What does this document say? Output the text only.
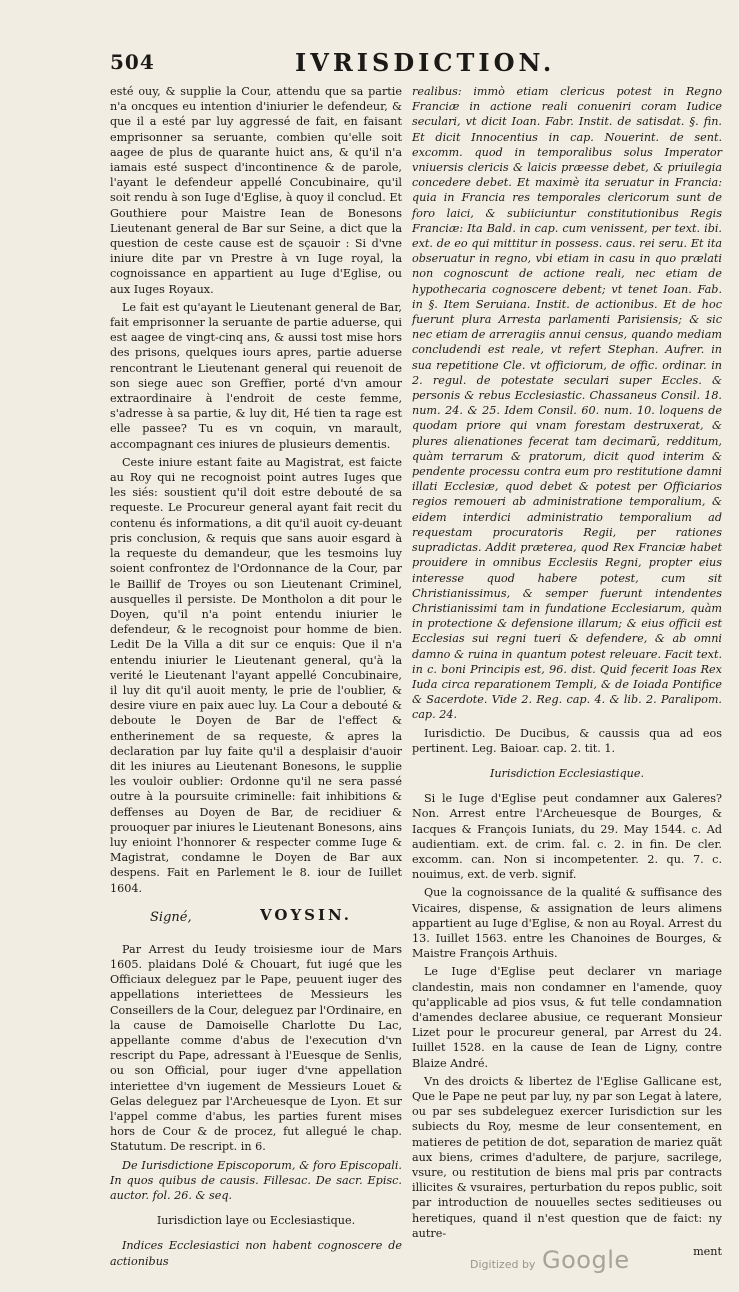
504	IVRISDICTION.

esté ouy, & supplie la Cour, attendu que sa partie n'a oncques eu intention d'iniurier le defendeur, & que il a esté par luy aggressé de fait, en faisant emprisonner sa seruante, combien qu'elle soit aagee de plus de quarante huict ans, & qu'il n'a iamais esté suspect d'incontinence & de parole, l'ayant le defendeur appellé Concubinaire, qu'il soit rendu à son Iuge d'Eglise, à quoy il conclud. Et Gouthiere pour Maistre Iean de Bonesons Lieutenant general de Bar sur Seine, a dict que la question de ceste cause est de sçauoir : Si d'vne iniure dite par vn Prestre à vn Iuge royal, la cognoissance en appartient au Iuge d'Eglise, ou aux Iuges Royaux.

Le fait est qu'ayant le Lieutenant general de Bar, fait emprisonner la seruante de partie aduerse, qui est aagee de vingt-cinq ans, & aussi tost mise hors des prisons, quelques iours apres, partie aduerse rencontrant le Lieutenant general qui reuenoit de son siege auec son Greffier, porté d'vn amour extraordinaire à l'endroit de ceste femme, s'adresse à sa partie, & luy dit, Hé tien ta rage est elle passee? Tu es vn coquin, vn marault, accompagnant ces iniures de plusieurs dementis.

Ceste iniure estant faite au Magistrat, est faicte au Roy qui ne recognoist point autres Iuges que les siés: soustient qu'il doit estre debouté de sa requeste. Le Procureur general ayant fait recit du contenu és informations, a dit qu'il auoit cy-deuant pris conclusion, & requis que sans auoir esgard à la requeste du demandeur, que les tesmoins luy soient confrontez de l'Ordonnance de la Cour, par le Baillif de Troyes ou son Lieutenant Criminel, ausquelles il persiste. De Montholon a dit pour le Doyen, qu'il n'a point entendu iniurier le defendeur, & le recognoist pour homme de bien. Ledit De la Villa a dit sur ce enquis: Que il n'a entendu iniurier le Lieutenant general, qu'à la verité le Lieutenant l'ayant appellé Concubinaire, il luy dit qu'il auoit menty, le prie de l'oublier, & desire viure en paix auec luy. La Cour a debouté & deboute le Doyen de Bar de l'effect & entherinement de sa requeste, & apres la declaration par luy faite qu'il a desplaisir d'auoir dit les iniures au Lieutenant Bonesons, le supplie les vouloir oublier: Ordonne qu'il ne sera passé outre à la poursuite criminelle: fait inhibitions & deffenses au Doyen de Bar, de recidiuer & prouoquer par iniures le Lieutenant Bonesons, ains luy enioint l'honnorer & respecter comme Iuge & Magistrat, condamne le Doyen de Bar aux despens. Fait en Parlement le 8. iour de Iuillet 1604.

Signé,	VOYSIN.

Par Arrest du Ieudy troisiesme iour de Mars 1605. plaidans Dolé & Chouart, fut iugé que les Officiaux deleguez par le Pape, peuuent iuger des appellations interiettees de Messieurs les Conseillers de la Cour, deleguez par l'Ordinaire, en la cause de Damoiselle Charlotte Du Lac, appellante comme d'abus de l'execution d'vn rescript du Pape, adressant à l'Euesque de Senlis, ou son Official, pour iuger d'vne appellation interiettee d'vn iugement de Messieurs Louet & Gelas deleguez par l'Archeuesque de Lyon. Et sur l'appel comme d'abus, les parties furent mises hors de Cour & de procez, fut allegué le chap. Statutum. De rescript. in 6.

De Iurisdictione Episcoporum, & foro Episcopali. In quos quibus de causis. Fillesac. De sacr. Episc. auctor. fol. 26. & seq.

Iurisdiction laye ou Ecclesiastique.

Indices Ecclesiastici non habent cognoscere de actionibus

realibus: immò etiam clericus potest in Regno Franciæ in actione reali conueniri coram Iudice seculari, vt dicit Ioan. Fabr. Instit. de satisdat. §. fin. Et dicit Innocentius in cap. Nouerint. de sent. excomm. quod in temporalibus solus Imperator vniuersis clericis & laicis præesse debet, & priuilegia concedere debet. Et maximè ita seruatur in Francia: quia in Francia res temporales clericorum sunt de foro laici, & subiiciuntur constitutionibus Regis Franciæ: Ita Bald. in cap. cum venissent, per text. ibi. ext. de eo qui mittitur in possess. caus. rei seru. Et ita obseruatur in regno, vbi etiam in casu in quo prælati non cognoscunt de actione reali, nec etiam de hypothecaria cognoscere debent; vt tenet Ioan. Fab. in §. Item Seruiana. Instit. de actionibus. Et de hoc fuerunt plura Arresta parlamenti Parisiensis; & sic nec etiam de arreragiis annui census, quando mediam concludendi est reale, vt refert Stephan. Aufrer. in sua repetitione Cle. vt officiorum, de offic. ordinar. in 2. regul. de potestate seculari super Eccles. & personis & rebus Ecclesiastic. Chassaneus Consil. 18. num. 24. & 25. Idem Consil. 60. num. 10. loquens de quodam priore qui vnam forestam destruxerat, & plures alienationes fecerat tam decimarũ, redditum, quàm terrarum & pratorum, dicit quod interim & pendente processu contra eum pro restitutione damni illati Ecclesiæ, quod debet & potest per Officiarios regios remoueri ab administratione temporalium, & eidem interdici administratio temporalium ad requestam procuratoris Regii, per rationes supradictas. Addit præterea, quod Rex Franciæ habet prouidere in omnibus Ecclesiis Regni, propter eius interesse quod habere potest, cum sit Christianissimus, & semper fuerunt intendentes Christianissimi tam in fundatione Ecclesiarum, quàm in protectione & defensione illarum; & eius officii est Ecclesias sui regni tueri & defendere, & ab omni damno & ruina in quantum potest releuare. Facit text. in c. boni Principis est, 96. dist. Quid fecerit Ioas Rex Iuda circa reparationem Templi, & de Ioiada Pontifice & Sacerdote. Vide 2. Reg. cap. 4. & lib. 2. Paralipom. cap. 24.

Iurisdictio. De Ducibus, & caussis qua ad eos pertinent. Leg. Baioar. cap. 2. tit. 1.

Iurisdiction Ecclesiastique.

Si le Iuge d'Eglise peut condamner aux Galeres? Non. Arrest entre l'Archeuesque de Bourges, & Iacques & François Iuniats, du 29. May 1544. c. Ad audientiam. ext. de crim. fal. c. 2. in fin. De cler. excomm. can. Non si incompetenter. 2. qu. 7. c. nouimus, ext. de verb. signif.

Que la cognoissance de la qualité & suffisance des Vicaires, dispense, & assignation de leurs alimens appartient au Iuge d'Eglise, & non au Royal. Arrest du 13. Iuillet 1563. entre les Chanoines de Bourges, & Maistre François Arthuis.

Le Iuge d'Eglise peut declarer vn mariage clandestin, mais non condamner en l'amende, quoy qu'applicable ad pios vsus, & fut telle condamnation d'amendes declaree abusiue, ce requerant Monsieur Lizet pour le procureur general, par Arrest du 24. Iuillet 1528. en la cause de Iean de Ligny, contre Blaize André.

Vn des droicts & libertez de l'Eglise Gallicane est, Que le Pape ne peut par luy, ny par son Legat à latere, ou par ses subdeleguez exercer Iurisdiction sur les subiects du Roy, mesme de leur consentement, en matieres de petition de dot, separation de mariez quãt aux biens, crimes d'adultere, de parjure, sacrilege, vsure, ou restitution de biens mal pris par contracts illicites & vsuraires, perturbation du repos public, soit par introduction de nouuelles sectes seditieuses ou heretiques, quand il n'est question que de faict: ny autre-

ment

Digitized by Google
